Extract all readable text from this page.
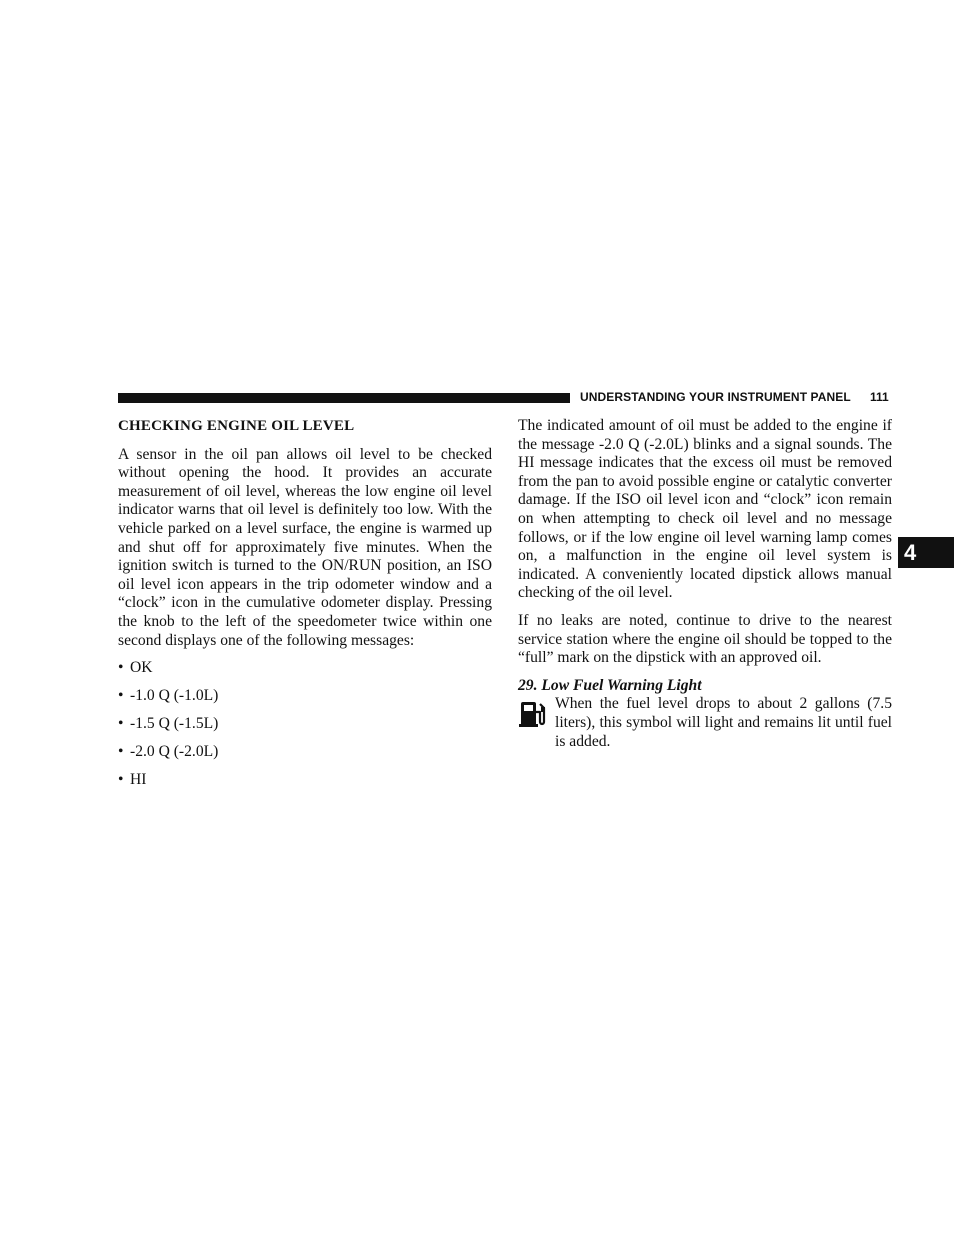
UNDERSTANDING YOUR INSTRUMENT PANEL 111
4
CHECKING ENGINE OIL LEVEL

A sensor in the oil pan allows oil level to be checked without opening the hood. It provides an accurate measurement of oil level, whereas the low engine oil level indicator warns that oil level is definitely too low. With the vehicle parked on a level surface, the engine is warmed up and shut off for approximately five minutes. When the ignition switch is turned to the ON/RUN position, an ISO oil level icon appears in the trip odometer window and a “clock” icon in the cumulative odometer display. Pressing the knob to the left of the speedometer twice within one second displays one of the following messages:

• OK
• -1.0 Q (-1.0L)
• -1.5 Q (-1.5L)
• -2.0 Q (-2.0L)
• HI

The indicated amount of oil must be added to the engine if the message -2.0 Q (-2.0L) blinks and a signal sounds. The HI message indicates that the excess oil must be removed from the pan to avoid possible engine or catalytic converter damage. If the ISO oil level icon and “clock” icon remain on when attempting to check oil level and no message follows, or if the low engine oil level warning lamp comes on, a malfunction in the engine oil level system is indicated. A conveniently located dipstick allows manual checking of the oil level.

If no leaks are noted, continue to drive to the nearest service station where the engine oil should be topped to the “full” mark on the dipstick with an approved oil.

29. Low Fuel Warning Light

When the fuel level drops to about 2 gallons (7.5 liters), this symbol will light and remains lit until fuel is added.
